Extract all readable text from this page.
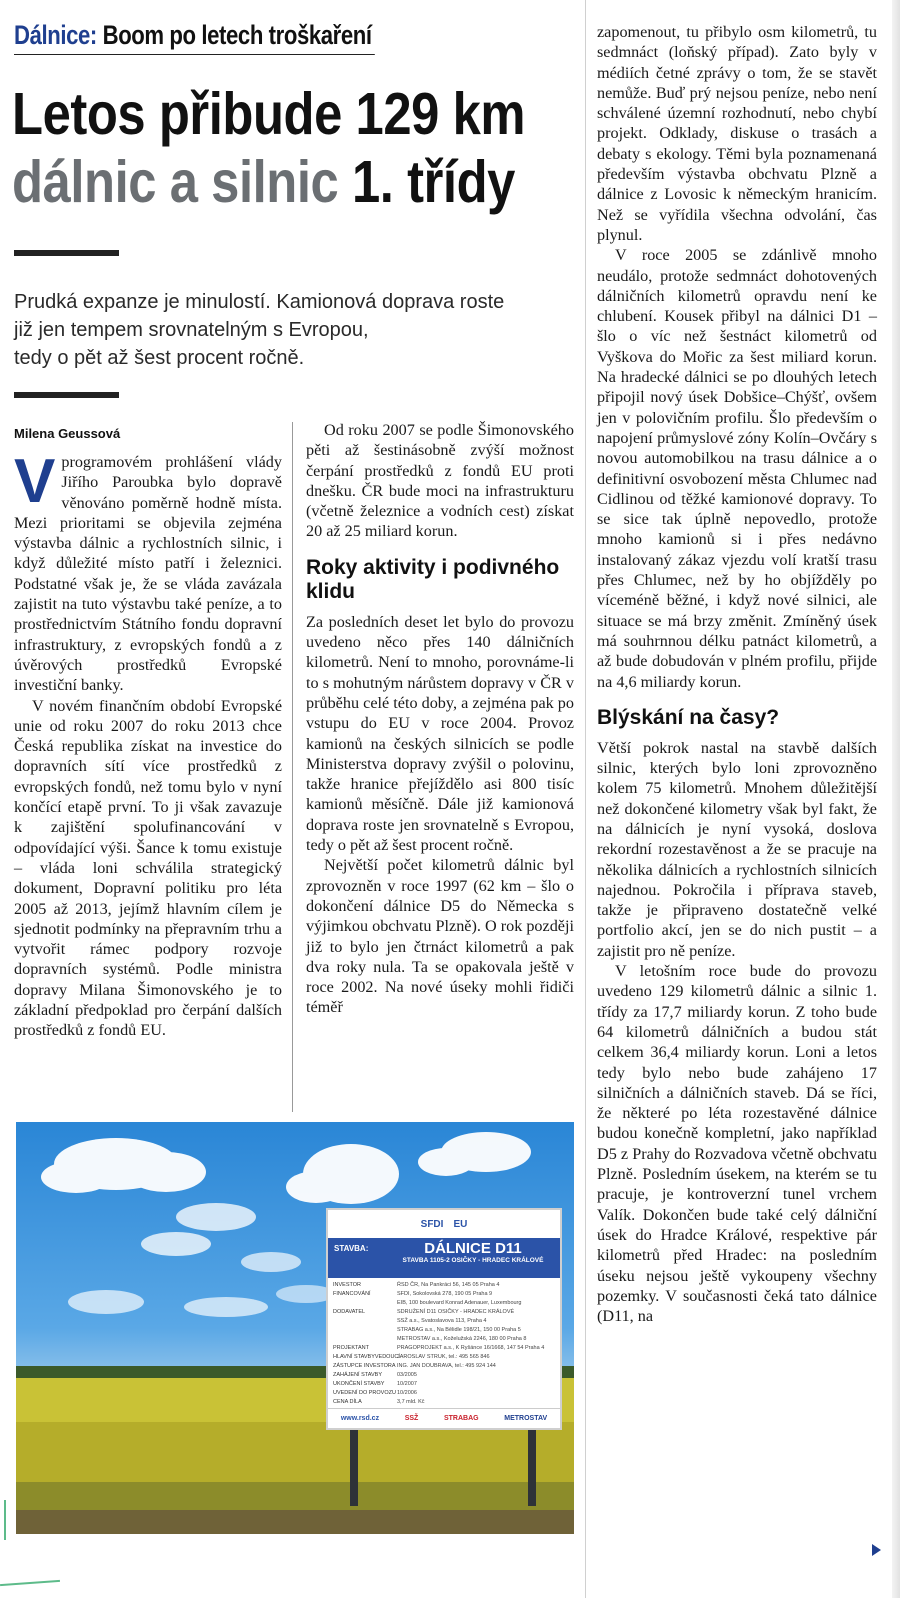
Dálnice: Boom po letech troškaření
Letos přibude 129 km
dálnic a silnic 1. třídy
Prudká expanze je minulostí. Kamionová doprava roste
již jen tempem srovnatelným s Evropou,
tedy o pět až šest procent ročně.
Milena Geussová

Vprogramovém prohlášení vlády Jiřího Paroubka bylo dopravě věnováno poměrně hodně místa. Mezi prioritami se objevila zejména výstavba dálnic a rychlostních silnic, i když důležité místo patří i železnici. Podstatné však je, že se vláda zavázala zajistit na tuto výstavbu také peníze, a to prostřednictvím Státního fondu dopravní infrastruktury, z evropských fondů a z úvěrových prostředků Evropské investiční banky.

V novém finančním období Evropské unie od roku 2007 do roku 2013 chce Česká republika získat na investice do dopravních sítí více prostředků z evropských fondů, než tomu bylo v nyní končící etapě první. To ji však zavazuje k zajištění spolufinancování v odpovídající výši. Šance k tomu existuje – vláda loni schválila strategický dokument, Dopravní politiku pro léta 2005 až 2013, jejímž hlavním cílem je sjednotit podmínky na přepravním trhu a vytvořit rámec podpory rozvoje dopravních systémů. Podle ministra dopravy Milana Šimonovského je to základní předpoklad pro čerpání dalších prostředků z fondů EU.

Od roku 2007 se podle Šimonovského pěti až šestinásobně zvýší možnost čerpání prostředků z fondů EU proti dnešku. ČR bude moci na infrastrukturu (včetně železnice a vodních cest) získat 20 až 25 miliard korun.

Roky aktivity i podivného klidu

Za posledních deset let bylo do provozu uvedeno něco přes 140 dálničních kilometrů. Není to mnoho, porovnáme-li to s mohutným nárůstem dopravy v ČR v průběhu celé této doby, a zejména pak po vstupu do EU v roce 2004. Provoz kamionů na českých silnicích se podle Ministerstva dopravy zvýšil o polovinu, takže hranice přejíždělo asi 800 tisíc kamionů měsíčně. Dále již kamionová doprava roste jen srovnatelně s Evropou, tedy o pět až šest procent ročně.

Největší počet kilometrů dálnic byl zprovozněn v roce 1997 (62 km – šlo o dokončení dálnice D5 do Německa s výjimkou obchvatu Plzně). O rok později již to bylo jen čtrnáct kilometrů a pak dva roky nula. Ta se opakovala ještě v roce 2002. Na nové úseky mohli řidiči téměř

zapomenout, tu přibylo osm kilometrů, tu sedmnáct (loňský případ). Zato byly v médiích četné zprávy o tom, že se stavět nemůže. Buď prý nejsou peníze, nebo není schválené územní rozhodnutí, nebo chybí projekt. Odklady, diskuse o trasách a debaty s ekology. Těmi byla poznamenaná především výstavba obchvatu Plzně a dálnice z Lovosic k německým hranicím. Než se vyřídila všechna odvolání, čas plynul.

V roce 2005 se zdánlivě mnoho neudálo, protože sedmnáct dohotovených dálničních kilometrů opravdu není ke chlubení. Kousek přibyl na dálnici D1 – šlo o víc než šestnáct kilometrů od Vyškova do Mořic za šest miliard korun. Na hradecké dálnici se po dlouhých letech připojil nový úsek Dobšice–Chýšť, ovšem jen v polovičním profilu. Šlo především o napojení průmyslové zóny Kolín–Ovčáry s novou automobilkou na trasu dálnice a o definitivní osvobození města Chlumec nad Cidlinou od těžké kamionové dopravy. To se sice tak úplně nepovedlo, protože mnoho kamionů si i přes nedávno instalovaný zákaz vjezdu volí kratší trasu přes Chlumec, než by ho objížděly po víceméně běžné, i když nové silnici, ale situace se má brzy změnit. Zmíněný úsek má souhrnnou délku patnáct kilometrů, a až bude dobudován v plném profilu, přijde na 4,6 miliardy korun.

Blýskání na časy?

Větší pokrok nastal na stavbě dalších silnic, kterých bylo loni zprovozněno kolem 75 kilometrů. Mnohem důležitější než dokončené kilometry však byl fakt, že na dálnicích je nyní vysoká, doslova rekordní rozestavěnost a že se pracuje na několika dálnicích a rychlostních silnicích najednou. Pokročila i příprava staveb, takže je připraveno dostatečně velké portfolio akcí, jen se do nich pustit – a zajistit pro ně peníze.

V letošním roce bude do provozu uvedeno 129 kilometrů dálnic a silnic 1. třídy za 17,7 miliardy korun. Z toho bude 64 kilometrů dálničních a budou stát celkem 36,4 miliardy korun. Loni a letos tedy bylo nebo bude zahájeno 17 silničních a dálničních staveb. Dá se říci, že některé po léta rozestavěné dálnice budou konečně kompletní, jako například D5 z Prahy do Rozvadova včetně obchvatu Plzně. Posledním úsekem, na kterém se tu pracuje, je kontroverzní tunel vrchem Valík. Dokončen bude také celý dálniční úsek do Hradce Králové, respektive pár kilometrů před Hradec: na posledním úseku nejsou ještě vykoupeny všechny pozemky. V současnosti čeká tato dálnice (D11, na

SFDI EU
STAVBA:	DÁLNICE D11
STAVBA 1105-2 OSIČKY - HRADEC KRÁLOVÉ
INVESTOR	ŘSD ČR, Na Pankráci 56, 145 05 Praha 4
FINANCOVÁNÍ	SFDI, Sokolovská 278, 190 05 Praha 9
EIB, 100 boulevard Konrad Adenauer, Luxembourg
DODAVATEL	SDRUŽENÍ D11 OSIČKY - HRADEC KRÁLOVÉ
SSŽ a.s., Svatoslavova 113, Praha 4
STRABAG a.s., Na Bělidle 198/21, 150 00 Praha 5
METROSTAV a.s., Koželužská 2246, 180 00 Praha 8
PROJEKTANT	PRAGOPROJEKT a.s., K Ryšánce 16/1668, 147 54 Praha 4
HLAVNÍ STAVBYVEDOUCÍ
JAROSLAV STRUK, tel.: 495 565 846
ZÁSTUPCE INVESTORA ING. JAN DOUBRAVA, tel.: 495 924 144
ZAHÁJENÍ STAVBY	03/2005
UKONČENÍ STAVBY	10/2007
UVEDENÍ DO PROVOZU 10/2006
CENA DÍLA	3,7 mld. Kč
www.rsd.cz	SSŽ	STRABAG	METROSTAV
